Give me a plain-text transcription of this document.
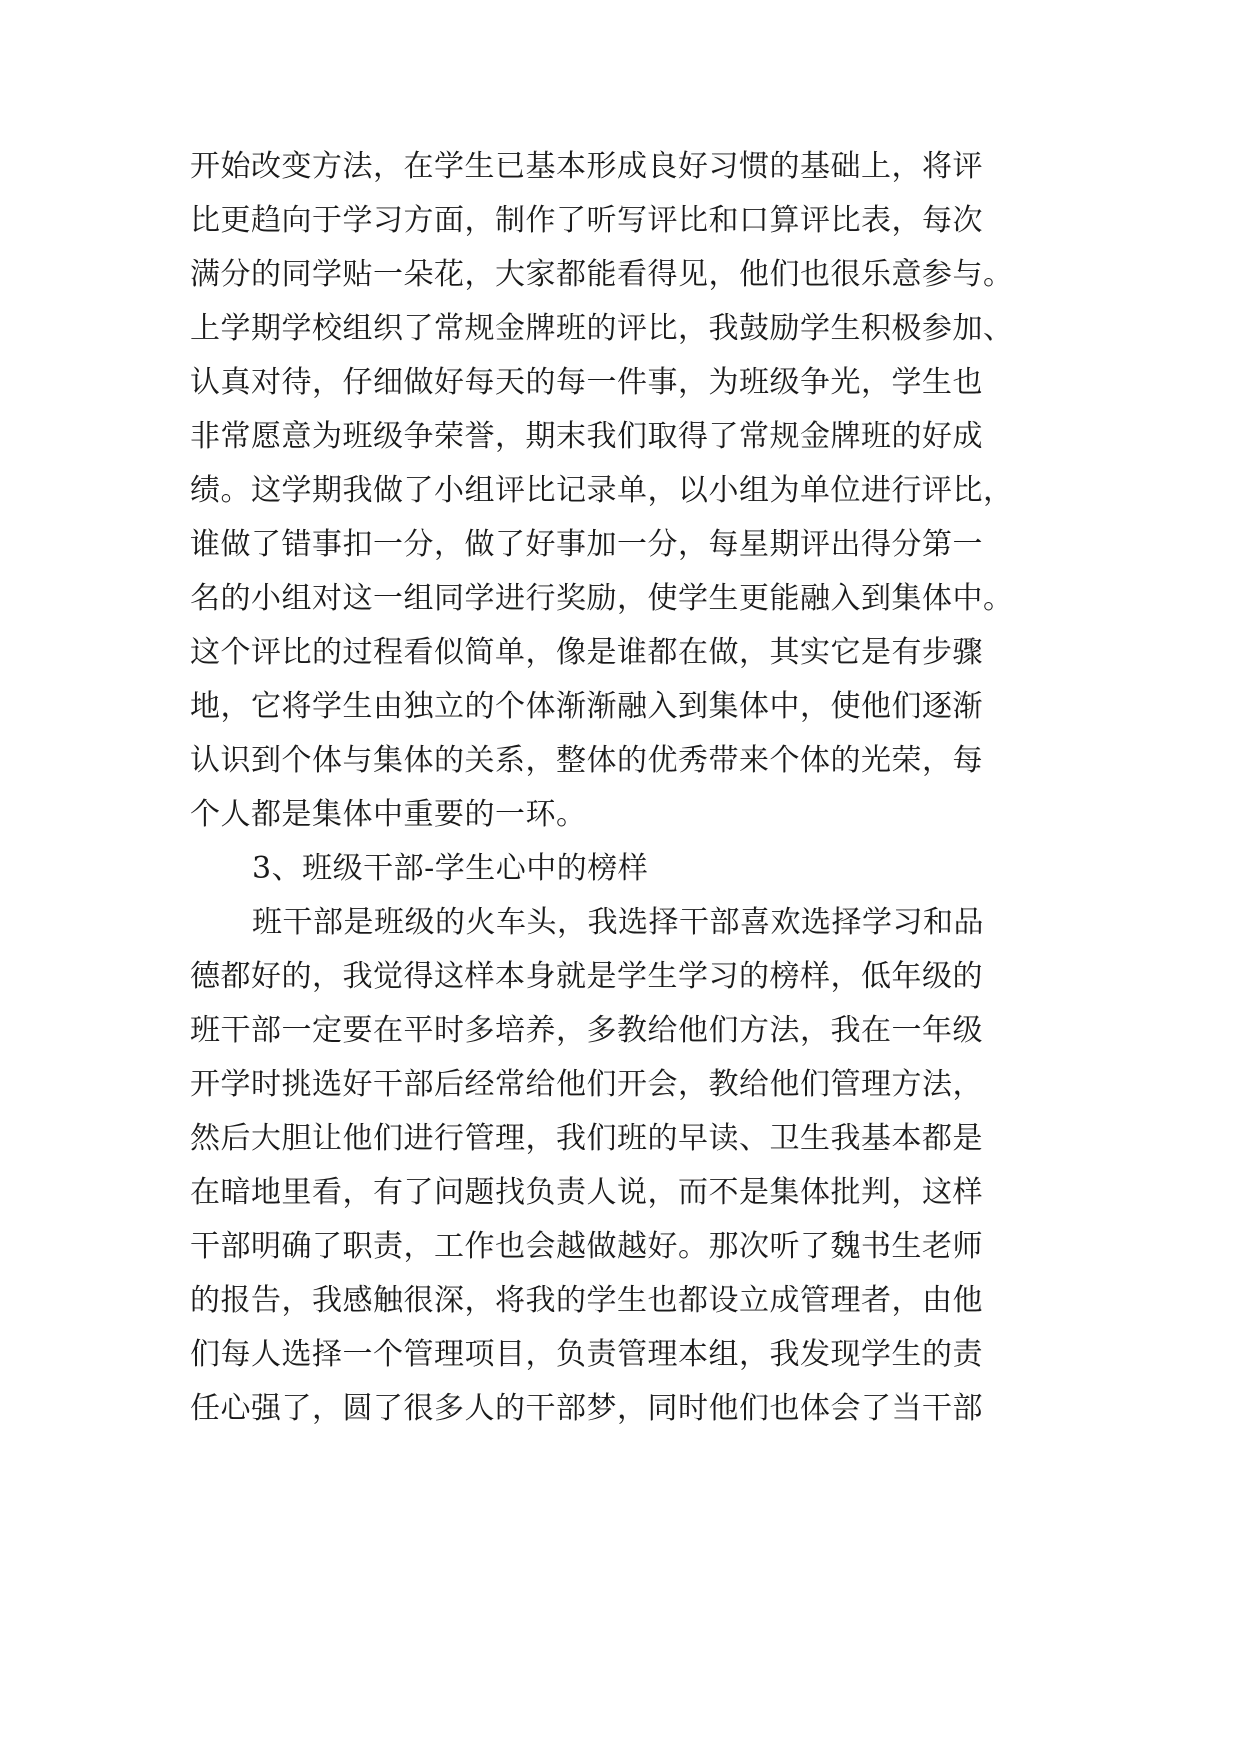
开始改变方法，在学生已基本形成良好习惯的基础上，将评
比更趋向于学习方面，制作了听写评比和口算评比表，每次
满分的同学贴一朵花，大家都能看得见，他们也很乐意参与。
上学期学校组织了常规金牌班的评比，我鼓励学生积极参加、
认真对待，仔细做好每天的每一件事，为班级争光，学生也
非常愿意为班级争荣誉，期末我们取得了常规金牌班的好成
绩。这学期我做了小组评比记录单，以小组为单位进行评比，
谁做了错事扣一分，做了好事加一分，每星期评出得分第一
名的小组对这一组同学进行奖励，使学生更能融入到集体中。
这个评比的过程看似简单，像是谁都在做，其实它是有步骤
地，它将学生由独立的个体渐渐融入到集体中，使他们逐渐
认识到个体与集体的关系，整体的优秀带来个体的光荣，每
个人都是集体中重要的一环。
3、班级干部-学生心中的榜样
班干部是班级的火车头，我选择干部喜欢选择学习和品
德都好的，我觉得这样本身就是学生学习的榜样，低年级的
班干部一定要在平时多培养，多教给他们方法，我在一年级
开学时挑选好干部后经常给他们开会，教给他们管理方法，
然后大胆让他们进行管理，我们班的早读、卫生我基本都是
在暗地里看，有了问题找负责人说，而不是集体批判，这样
干部明确了职责，工作也会越做越好。那次听了魏书生老师
的报告，我感触很深，将我的学生也都设立成管理者，由他
们每人选择一个管理项目，负责管理本组，我发现学生的责
任心强了，圆了很多人的干部梦，同时他们也体会了当干部
